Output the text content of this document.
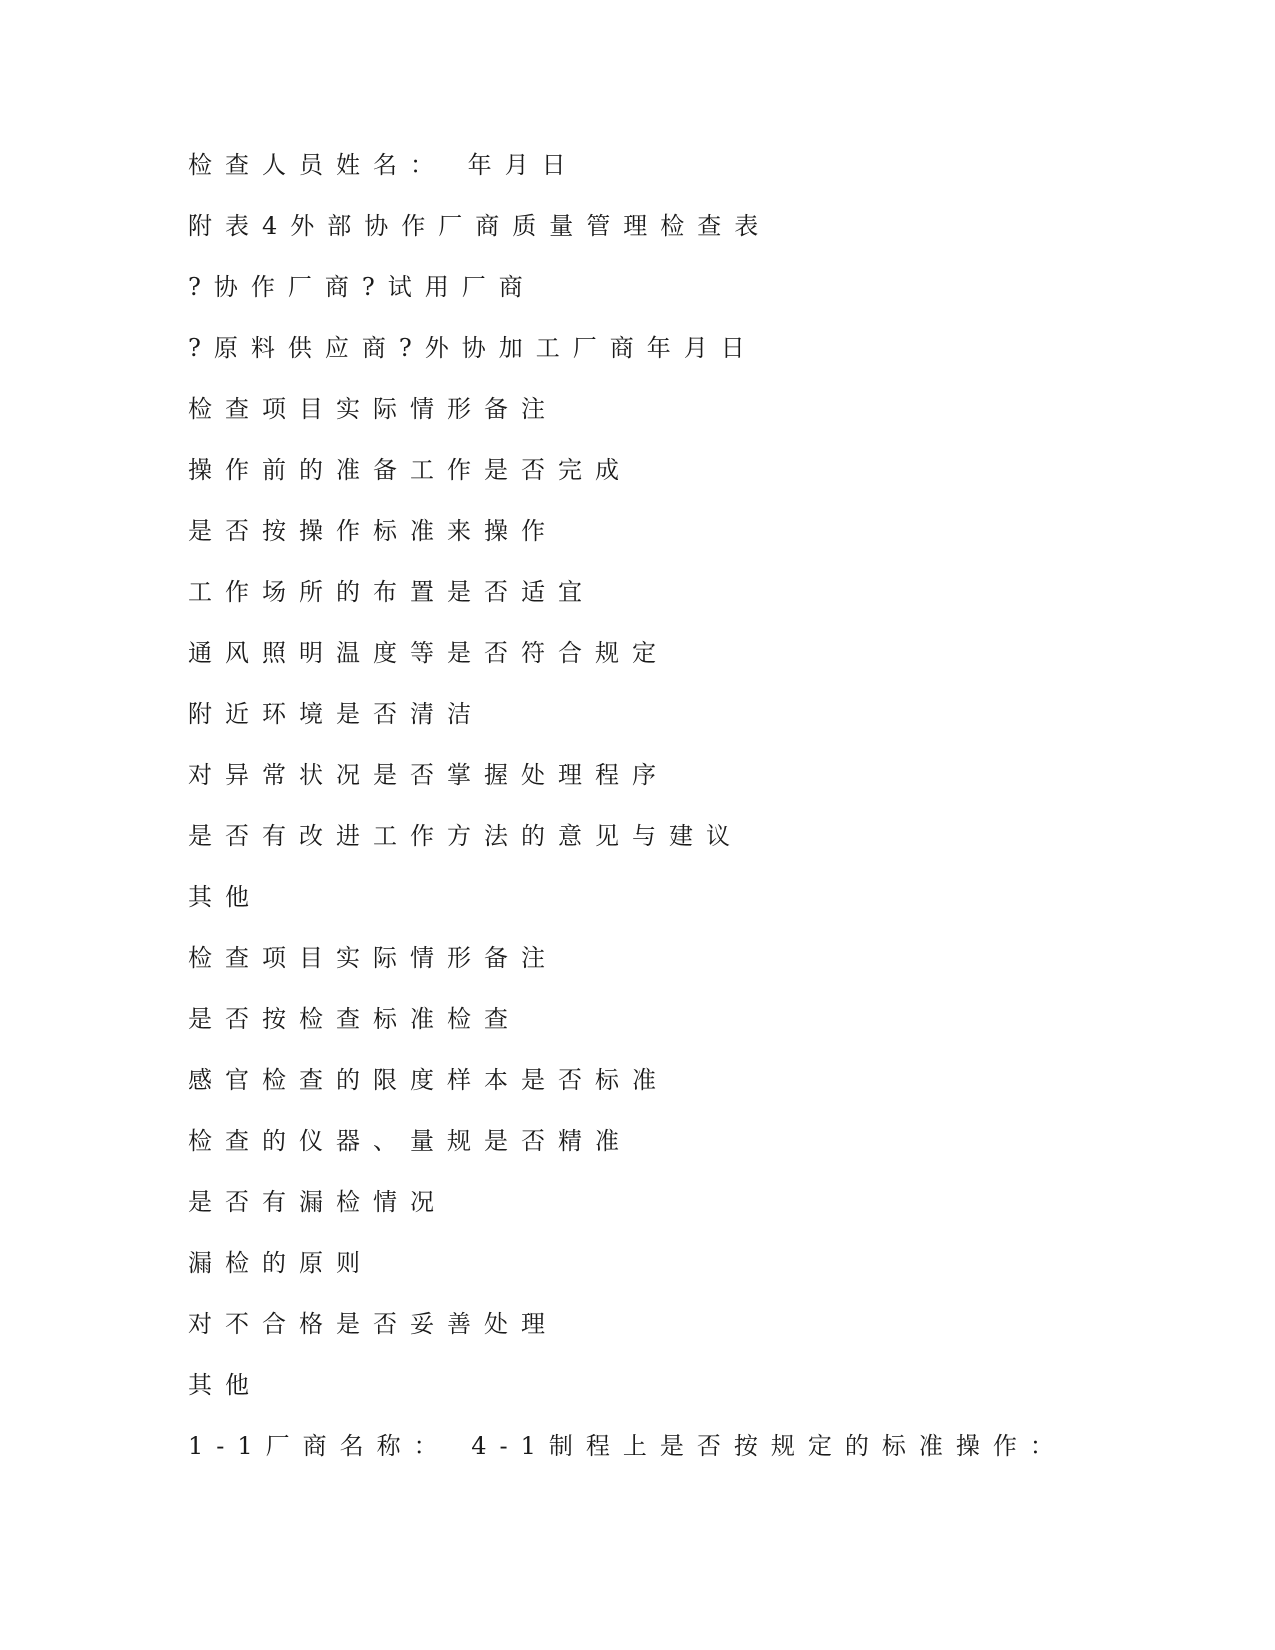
检查人员姓名： 年月日
附表4外部协作厂商质量管理检查表
?协作厂商?试用厂商
?原料供应商?外协加工厂商年月日
检查项目实际情形备注
操作前的准备工作是否完成
是否按操作标准来操作
工作场所的布置是否适宜
通风照明温度等是否符合规定
附近环境是否清洁
对异常状况是否掌握处理程序
是否有改进工作方法的意见与建议
其他
检查项目实际情形备注
是否按检查标准检查
感官检查的限度样本是否标准
检查的仪器、量规是否精准
是否有漏检情况
漏检的原则
对不合格是否妥善处理
其他
1-1厂商名称： 4-1制程上是否按规定的标准操作：
